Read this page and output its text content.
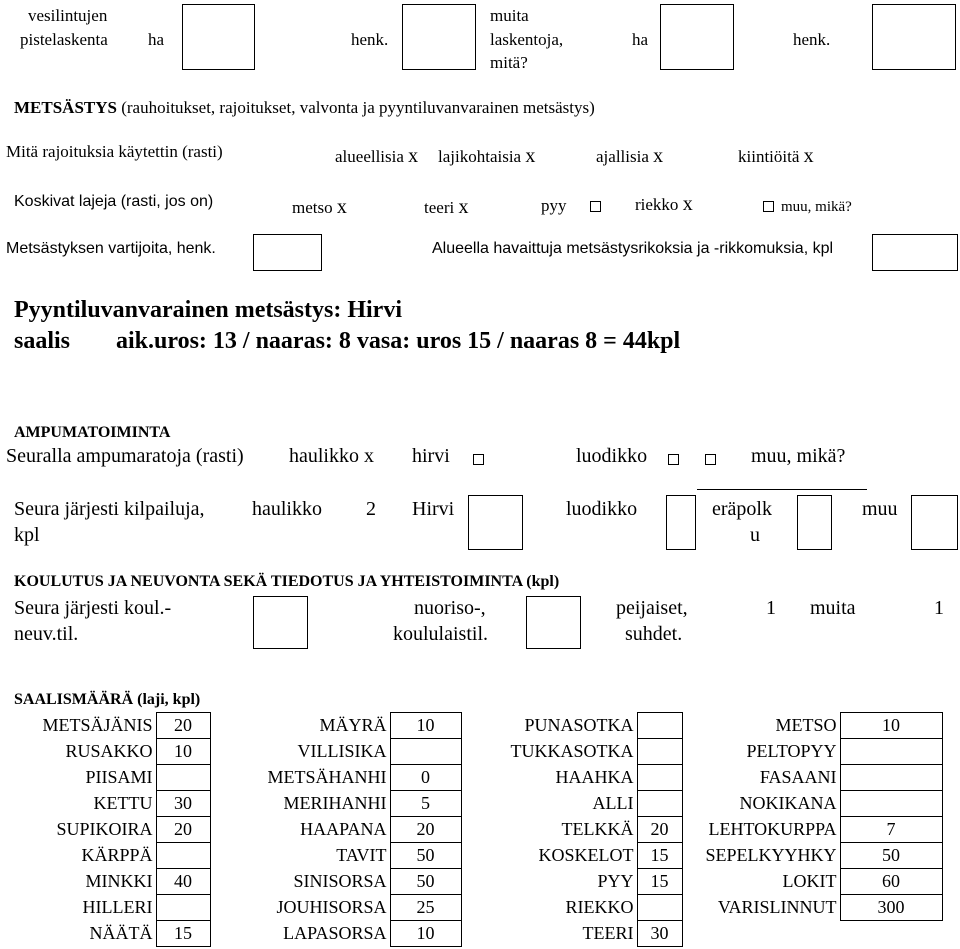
vesilintujen
pistelaskenta ha	henk.
muita
laskentoja,
mitä?
ha	henk.
METSÄSTYS (rauhoitukset, rajoitukset, valvonta ja pyyntiluvanvarainen metsästys)
Mitä rajoituksia käytettin (rasti)	alueellisia x lajikohtaisia x	ajallisia x	kiintiöitä x
Koskivat lajeja (rasti, jos on)	metso x	teeri x	pyy	riekko x	muu, mikä?
Metsästyksen vartijoita, henk.	Alueella havaittuja metsästysrikoksia ja -rikkomuksia, kpl
Pyyntiluvanvarainen metsästys: Hirvi
saalis aik.uros: 13 / naaras: 8 vasa: uros 15 / naaras 8 = 44kpl
AMPUMATOIMINTA
Seuralla ampumaratoja (rasti) haulikko x hirvi	luodikko	muu, mikä?
Seura järjesti kilpailuja,
kpl
haulikko 2 Hirvi	luodikko	eräpolk
u
muu
KOULUTUS JA NEUVONTA SEKÄ TIEDOTUS JA YHTEISTOIMINTA (kpl)
Seura järjesti koul.-
neuv.til.
nuoriso-,
koululaistil.
peijaiset,
suhdet.
1 muita	1
SAALISMÄÄRÄ (laji, kpl)
METSÄJÄNIS	20	MÄYRÄ	10	PUNASOTKA		METSO	10
RUSAKKO	10	VILLISIKA		TUKKASOTKA		PELTOPYY	
PIISAMI		METSÄHANHI	0	HAAHKA		FASAANI	
KETTU	30	MERIHANHI	5	ALLI		NOKIKANA	
SUPIKOIRA	20	HAAPANA	20	TELKKÄ	20	LEHTOKURPPA	7
KÄRPPÄ		TAVIT	50	KOSKELOT	15	SEPELKYYHKY	50
MINKKI	40	SINISORSA	50	PYY	15	LOKIT	60
HILLERI		JOUHISORSA	25	RIEKKO		VARISLINNUT	300
NÄÄTÄ	15	LAPASORSA	10	TEERI	30		
